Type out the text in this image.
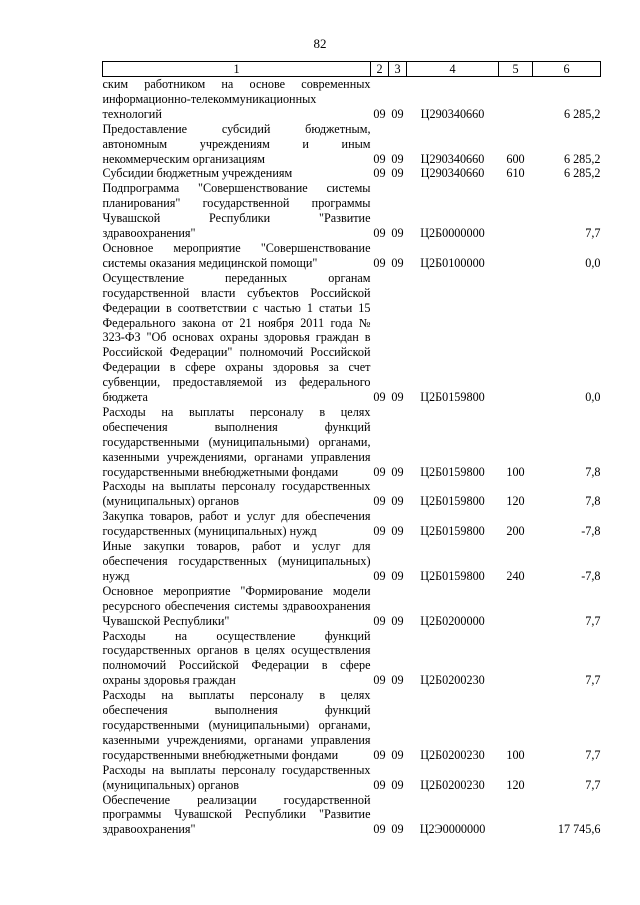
82
1	2	3	4	5	6
ским работником на основе современных информационно-телекоммуникационных технологий	09	09	Ц290340660		6 285,2
Предоставление субсидий бюджетным, автономным учреждениям и иным некоммерческим организациям	09	09	Ц290340660	600	6 285,2
Субсидии бюджетным учреждениям	09	09	Ц290340660	610	6 285,2
Подпрограмма "Совершенствование системы планирования" государственной программы Чувашской Республики "Развитие здравоохранения"	09	09	Ц2Б0000000		7,7
Основное мероприятие "Совершенствование системы оказания медицинской помощи"	09	09	Ц2Б0100000		0,0
Осуществление переданных органам государственной власти субъектов Российской Федерации в соответствии с частью 1 статьи 15 Федерального закона от 21 ноября 2011 года № 323-ФЗ "Об основах охраны здоровья граждан в Российской Федерации" полномочий Российской Федерации в сфере охраны здоровья за счет субвенции, предоставляемой из федерального бюджета	09	09	Ц2Б0159800		0,0
Расходы на выплаты персоналу в целях обеспечения выполнения функций государственными (муниципальными) органами, казенными учреждениями, органами управления государственными внебюджетными фондами	09	09	Ц2Б0159800	100	7,8
Расходы на выплаты персоналу государственных (муниципальных) органов	09	09	Ц2Б0159800	120	7,8
Закупка товаров, работ и услуг для обеспечения государственных (муниципальных) нужд	09	09	Ц2Б0159800	200	-7,8
Иные закупки товаров, работ и услуг для обеспечения государственных (муниципальных) нужд	09	09	Ц2Б0159800	240	-7,8
Основное мероприятие "Формирование модели ресурсного обеспечения системы здравоохранения Чувашской Республики"	09	09	Ц2Б0200000		7,7
Расходы на осуществление функций государственных органов в целях осуществления полномочий Российской Федерации в сфере охраны здоровья граждан	09	09	Ц2Б0200230		7,7
Расходы на выплаты персоналу в целях обеспечения выполнения функций государственными (муниципальными) органами, казенными учреждениями, органами управления государственными внебюджетными фондами	09	09	Ц2Б0200230	100	7,7
Расходы на выплаты персоналу государственных (муниципальных) органов	09	09	Ц2Б0200230	120	7,7
Обеспечение реализации государственной программы Чувашской Республики "Развитие здравоохранения"	09	09	Ц2Э0000000		17 745,6
